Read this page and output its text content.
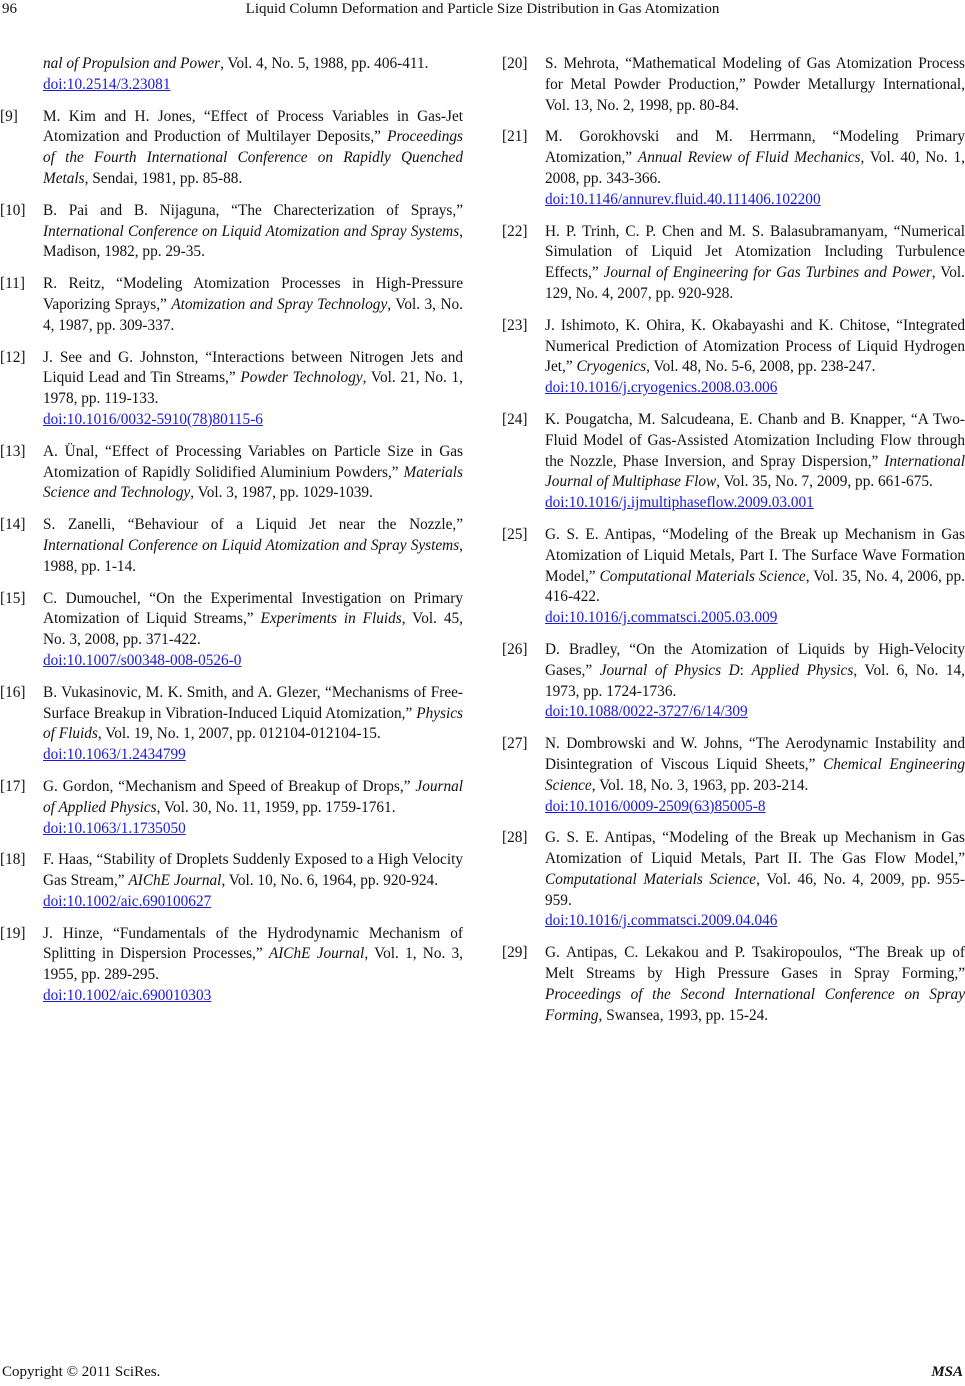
96	Liquid Column Deformation and Particle Size Distribution in Gas Atomization
nal of Propulsion and Power, Vol. 4, No. 5, 1988, pp. 406-411.
doi:10.2514/3.23081
[9] M. Kim and H. Jones, “Effect of Process Variables in Gas-Jet Atomization and Production of Multilayer Deposits,” Proceedings of the Fourth International Conference on Rapidly Quenched Metals, Sendai, 1981, pp. 85-88.
[10] B. Pai and B. Nijaguna, “The Charecterization of Sprays,” International Conference on Liquid Atomization and Spray Systems, Madison, 1982, pp. 29-35.
[11] R. Reitz, “Modeling Atomization Processes in High-Pressure Vaporizing Sprays,” Atomization and Spray Technology, Vol. 3, No. 4, 1987, pp. 309-337.
[12] J. See and G. Johnston, “Interactions between Nitrogen Jets and Liquid Lead and Tin Streams,” Powder Technology, Vol. 21, No. 1, 1978, pp. 119-133.
doi:10.1016/0032-5910(78)80115-6
[13] A. Ünal, “Effect of Processing Variables on Particle Size in Gas Atomization of Rapidly Solidified Aluminium Powders,” Materials Science and Technology, Vol. 3, 1987, pp. 1029-1039.
[14] S. Zanelli, “Behaviour of a Liquid Jet near the Nozzle,” International Conference on Liquid Atomization and Spray Systems, 1988, pp. 1-14.
[15] C. Dumouchel, “On the Experimental Investigation on Primary Atomization of Liquid Streams,” Experiments in Fluids, Vol. 45, No. 3, 2008, pp. 371-422.
doi:10.1007/s00348-008-0526-0
[16] B. Vukasinovic, M. K. Smith, and A. Glezer, “Mechanisms of Free-Surface Breakup in Vibration-Induced Liquid Atomization,” Physics of Fluids, Vol. 19, No. 1, 2007, pp. 012104-012104-15.
doi:10.1063/1.2434799
[17] G. Gordon, “Mechanism and Speed of Breakup of Drops,” Journal of Applied Physics, Vol. 30, No. 11, 1959, pp. 1759-1761.
doi:10.1063/1.1735050
[18] F. Haas, “Stability of Droplets Suddenly Exposed to a High Velocity Gas Stream,” AIChE Journal, Vol. 10, No. 6, 1964, pp. 920-924.
doi:10.1002/aic.690100627
[19] J. Hinze, “Fundamentals of the Hydrodynamic Mechanism of Splitting in Dispersion Processes,” AIChE Journal, Vol. 1, No. 3, 1955, pp. 289-295.
doi:10.1002/aic.690010303
[20] S. Mehrota, “Mathematical Modeling of Gas Atomization Process for Metal Powder Production,” Powder Metallurgy International, Vol. 13, No. 2, 1998, pp. 80-84.
[21] M. Gorokhovski and M. Herrmann, “Modeling Primary Atomization,” Annual Review of Fluid Mechanics, Vol. 40, No. 1, 2008, pp. 343-366.
doi:10.1146/annurev.fluid.40.111406.102200
[22] H. P. Trinh, C. P. Chen and M. S. Balasubramanyam, “Numerical Simulation of Liquid Jet Atomization Including Turbulence Effects,” Journal of Engineering for Gas Turbines and Power, Vol. 129, No. 4, 2007, pp. 920-928.
[23] J. Ishimoto, K. Ohira, K. Okabayashi and K. Chitose, “Integrated Numerical Prediction of Atomization Process of Liquid Hydrogen Jet,” Cryogenics, Vol. 48, No. 5-6, 2008, pp. 238-247.
doi:10.1016/j.cryogenics.2008.03.006
[24] K. Pougatcha, M. Salcudeana, E. Chanb and B. Knapper, “A Two-Fluid Model of Gas-Assisted Atomization Including Flow through the Nozzle, Phase Inversion, and Spray Dispersion,” International Journal of Multiphase Flow, Vol. 35, No. 7, 2009, pp. 661-675.
doi:10.1016/j.ijmultiphaseflow.2009.03.001
[25] G. S. E. Antipas, “Modeling of the Break up Mechanism in Gas Atomization of Liquid Metals, Part I. The Surface Wave Formation Model,” Computational Materials Science, Vol. 35, No. 4, 2006, pp. 416-422.
doi:10.1016/j.commatsci.2005.03.009
[26] D. Bradley, “On the Atomization of Liquids by High-Velocity Gases,” Journal of Physics D: Applied Physics, Vol. 6, No. 14, 1973, pp. 1724-1736.
doi:10.1088/0022-3727/6/14/309
[27] N. Dombrowski and W. Johns, “The Aerodynamic Instability and Disintegration of Viscous Liquid Sheets,” Chemical Engineering Science, Vol. 18, No. 3, 1963, pp. 203-214.
doi:10.1016/0009-2509(63)85005-8
[28] G. S. E. Antipas, “Modeling of the Break up Mechanism in Gas Atomization of Liquid Metals, Part II. The Gas Flow Model,” Computational Materials Science, Vol. 46, No. 4, 2009, pp. 955-959.
doi:10.1016/j.commatsci.2009.04.046
[29] G. Antipas, C. Lekakou and P. Tsakiropoulos, “The Break up of Melt Streams by High Pressure Gases in Spray Forming,” Proceedings of the Second International Conference on Spray Forming, Swansea, 1993, pp. 15-24.
Copyright © 2011 SciRes.	MSA
